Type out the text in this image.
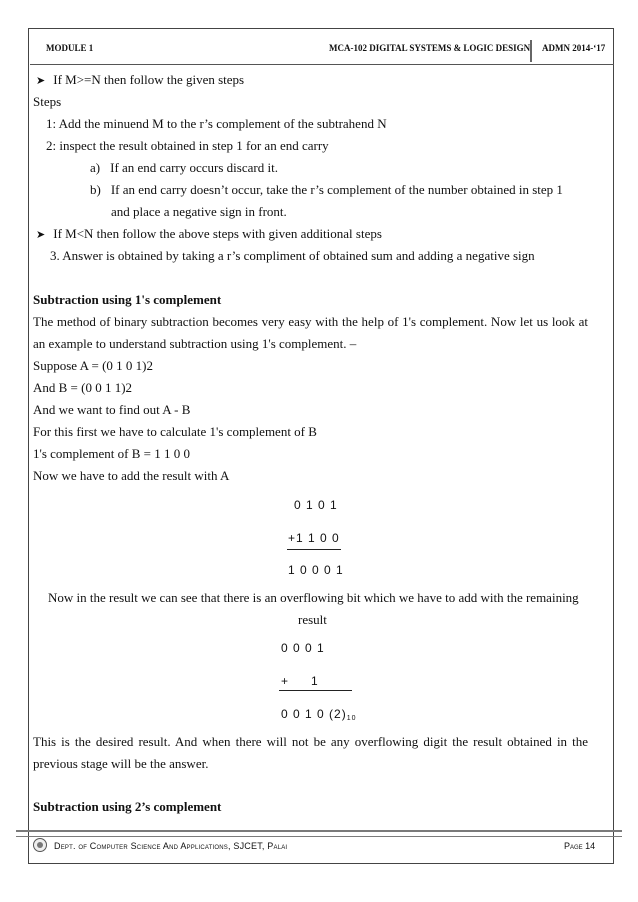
MODULE 1	MCA-102 DIGITAL SYSTEMS & LOGIC DESIGN	ADMN 2014-‘17
➤ If M>=N then follow the given steps
Steps
1: Add the minuend M to the r’s complement of the subtrahend N
2: inspect the result obtained in step 1 for an end carry
a) If an end carry occurs discard it.
b) If an end carry doesn’t occur, take the r’s complement of the number obtained in step 1
and place a negative sign in front.
➤ If M<N then follow the above steps with given additional steps
3. Answer is obtained by taking a r’s compliment of obtained sum and adding a negative sign
Subtraction using 1's complement
The method of binary subtraction becomes very easy with the help of 1's complement. Now let us look at
an example to understand subtraction using 1's complement. –
Suppose A = (0 1 0 1)2
And B = (0 0 1 1)2
And we want to find out A - B
For this first we have to calculate 1's complement of B
1's complement of B = 1 1 0 0
Now we have to add the result with A
0 1 0 1
+1 1 0 0
1 0 0 0 1
Now in the result we can see that there is an overflowing bit which we have to add with the remaining
result
0 0 0 1
+ 1
0 0 1 0 $(2)_{10}$
This is the desired result. And when there will not be any overflowing digit the result obtained in the
previous stage will be the answer.
Subtraction using 2’s complement
Dept. of Computer Science And Applications, SJCET, Palai	Page 14
